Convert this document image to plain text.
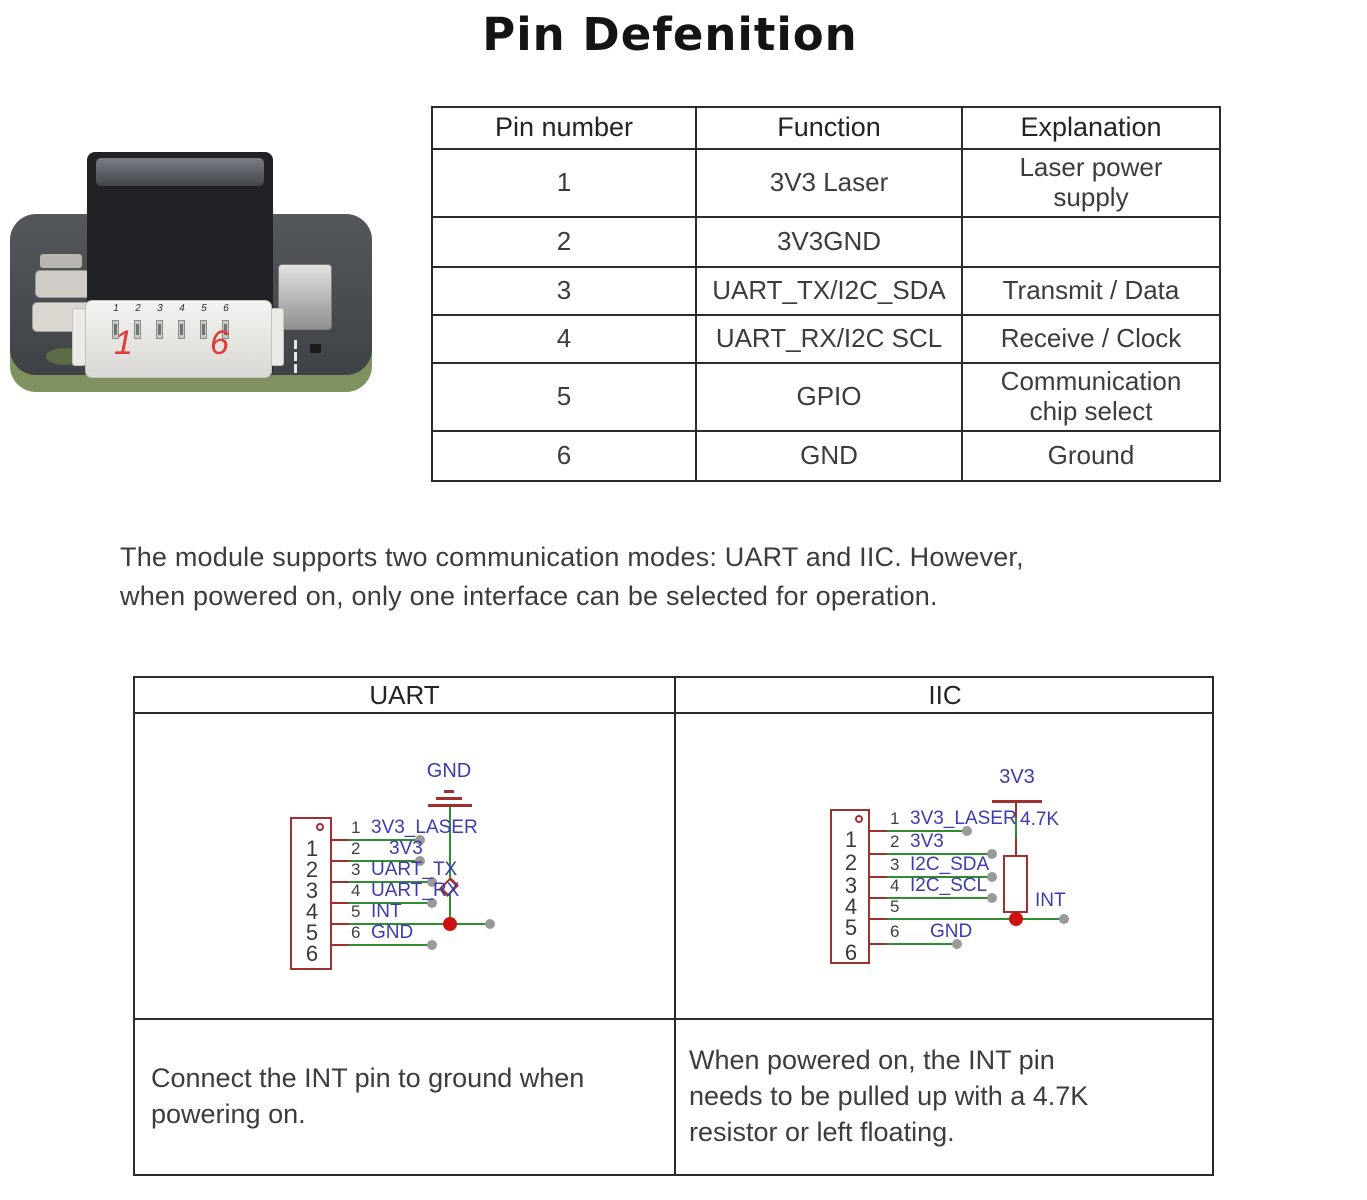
Pin Defenition
1	2	3	4	5	6
1 6
Pin number	Function	Explanation
1	3V3 Laser	Laser power supply
2	3V3GND
3	UART_TX/I2C_SDA	Transmit / Data
4	UART_RX/I2C SCL	Receive / Clock
5	GPIO	Communication chip select
6	GND	Ground
The module supports two communication modes: UART and IIC. However,
when powered on, only one interface can be selected for operation.
UART	IIC
GND
1
1 3V3_LASER
2
2 3V3
3
3 UART_TX
4
4 UART_RX
5
5 INT
6
6 GND
3V3
4.7K
1
1 3V3_LASER
2
2 3V3
3
3 I2C_SDA
4
4 I2C_SCL
5
5	INT
6
6 GND
Connect the INT pin to ground when
powering on.
When powered on, the INT pin
needs to be pulled up with a 4.7K
resistor or left floating.
